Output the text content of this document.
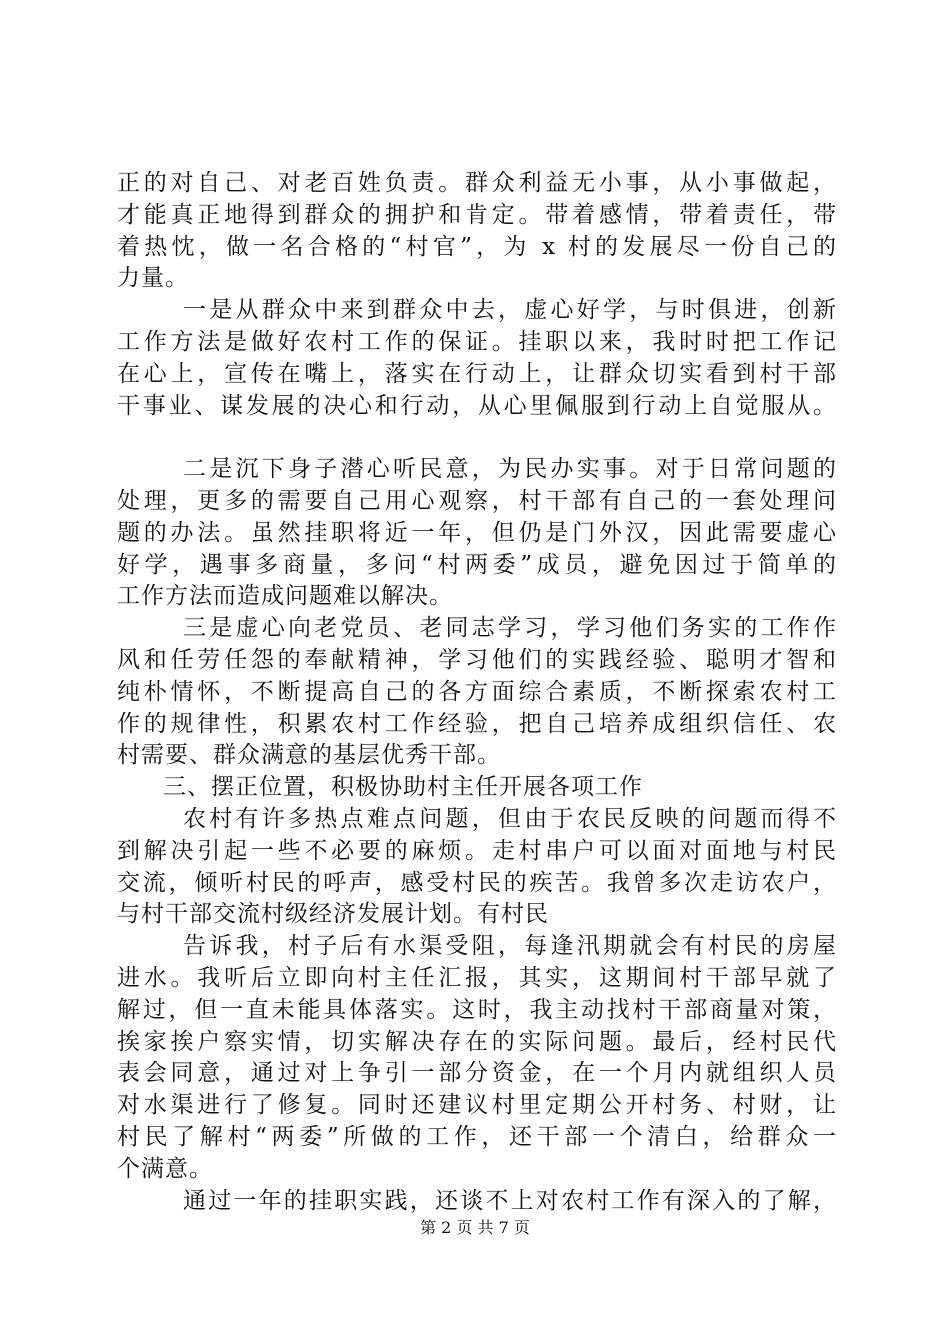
正的对自己、对老百姓负责。群众利益无小事，从小事做起，
才能真正地得到群众的拥护和肯定。带着感情，带着责任，带
着热忱，做一名合格的“村官”，为 x 村的发展尽一份自己的
力量。
一是从群众中来到群众中去，虚心好学，与时俱进，创新
工作方法是做好农村工作的保证。挂职以来，我时时把工作记
在心上，宣传在嘴上，落实在行动上，让群众切实看到村干部
干事业、谋发展的决心和行动，从心里佩服到行动上自觉服从。
二是沉下身子潜心听民意，为民办实事。对于日常问题的
处理，更多的需要自己用心观察，村干部有自己的一套处理问
题的办法。虽然挂职将近一年，但仍是门外汉，因此需要虚心
好学，遇事多商量，多问“村两委”成员，避免因过于简单的
工作方法而造成问题难以解决。
三是虚心向老党员、老同志学习，学习他们务实的工作作
风和任劳任怨的奉献精神，学习他们的实践经验、聪明才智和
纯朴情怀，不断提高自己的各方面综合素质，不断探索农村工
作的规律性，积累农村工作经验，把自己培养成组织信任、农
村需要、群众满意的基层优秀干部。
三、摆正位置，积极协助村主任开展各项工作
农村有许多热点难点问题，但由于农民反映的问题而得不
到解决引起一些不必要的麻烦。走村串户可以面对面地与村民
交流，倾听村民的呼声，感受村民的疾苦。我曾多次走访农户，
与村干部交流村级经济发展计划。有村民
告诉我，村子后有水渠受阻，每逢汛期就会有村民的房屋
进水。我听后立即向村主任汇报，其实，这期间村干部早就了
解过，但一直未能具体落实。这时，我主动找村干部商量对策，
挨家挨户察实情，切实解决存在的实际问题。最后，经村民代
表会同意，通过对上争引一部分资金，在一个月内就组织人员
对水渠进行了修复。同时还建议村里定期公开村务、村财，让
村民了解村“两委”所做的工作，还干部一个清白，给群众一
个满意。
通过一年的挂职实践，还谈不上对农村工作有深入的了解，
第 2 页 共 7 页
